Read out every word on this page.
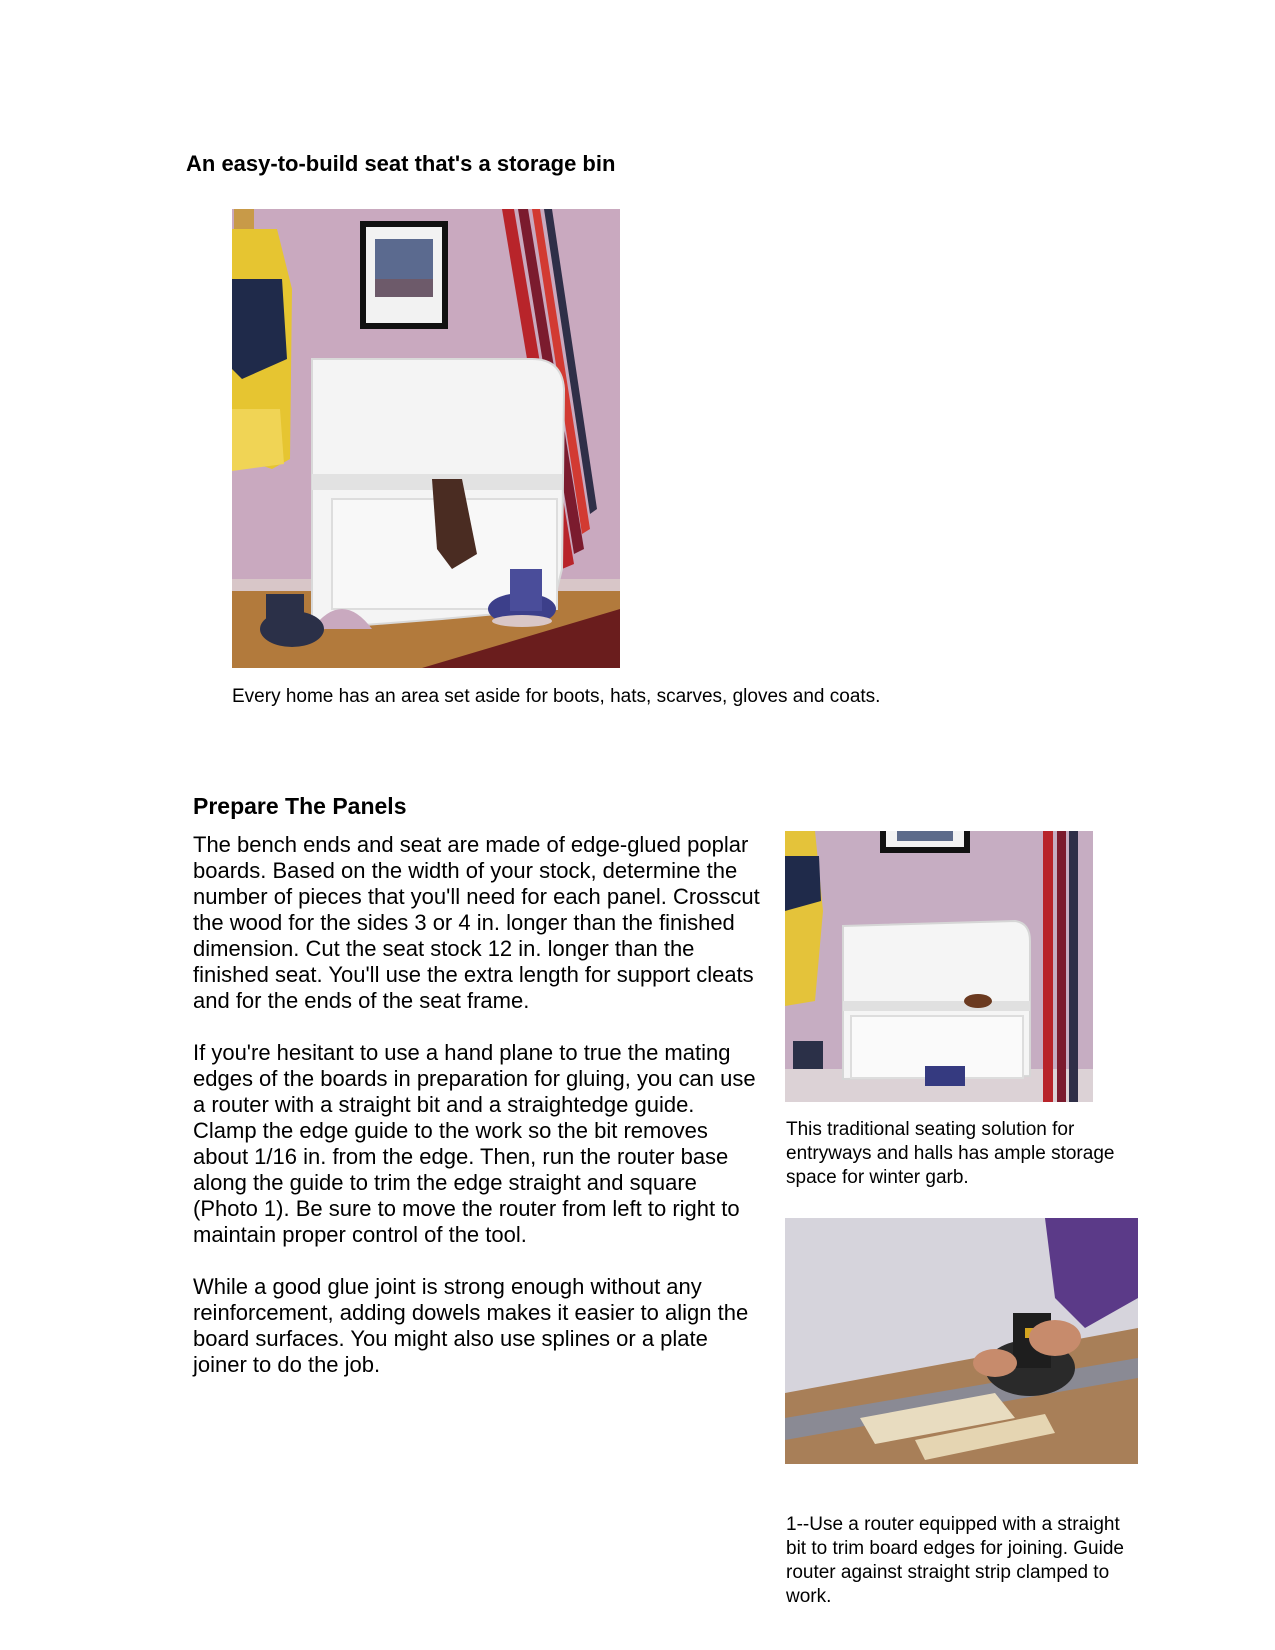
An easy-to-build seat that's a storage bin
Every home has an area set aside for boots, hats, scarves, gloves and coats.
Prepare The Panels

The bench ends and seat are made of edge-glued poplar boards. Based on the width of your stock, determine the number of pieces that you'll need for each panel. Crosscut the wood for the sides 3 or 4 in. longer than the finished dimension. Cut the seat stock 12 in. longer than the finished seat. You'll use the extra length for support cleats and for the ends of the seat frame.

If you're hesitant to use a hand plane to true the mating edges of the boards in preparation for gluing, you can use a router with a straight bit and a straightedge guide. Clamp the edge guide to the work so the bit removes about 1/16 in. from the edge. Then, run the router base along the guide to trim the edge straight and square (Photo 1). Be sure to move the router from left to right to maintain proper control of the tool.

While a good glue joint is strong enough without any reinforcement, adding dowels makes it easier to align the board surfaces. You might also use splines or a plate joiner to do the job.

This traditional seating solution for entryways and halls has ample storage space for winter garb.
1--Use a router equipped with a straight bit to trim board edges for joining. Guide router against straight strip clamped to work.
